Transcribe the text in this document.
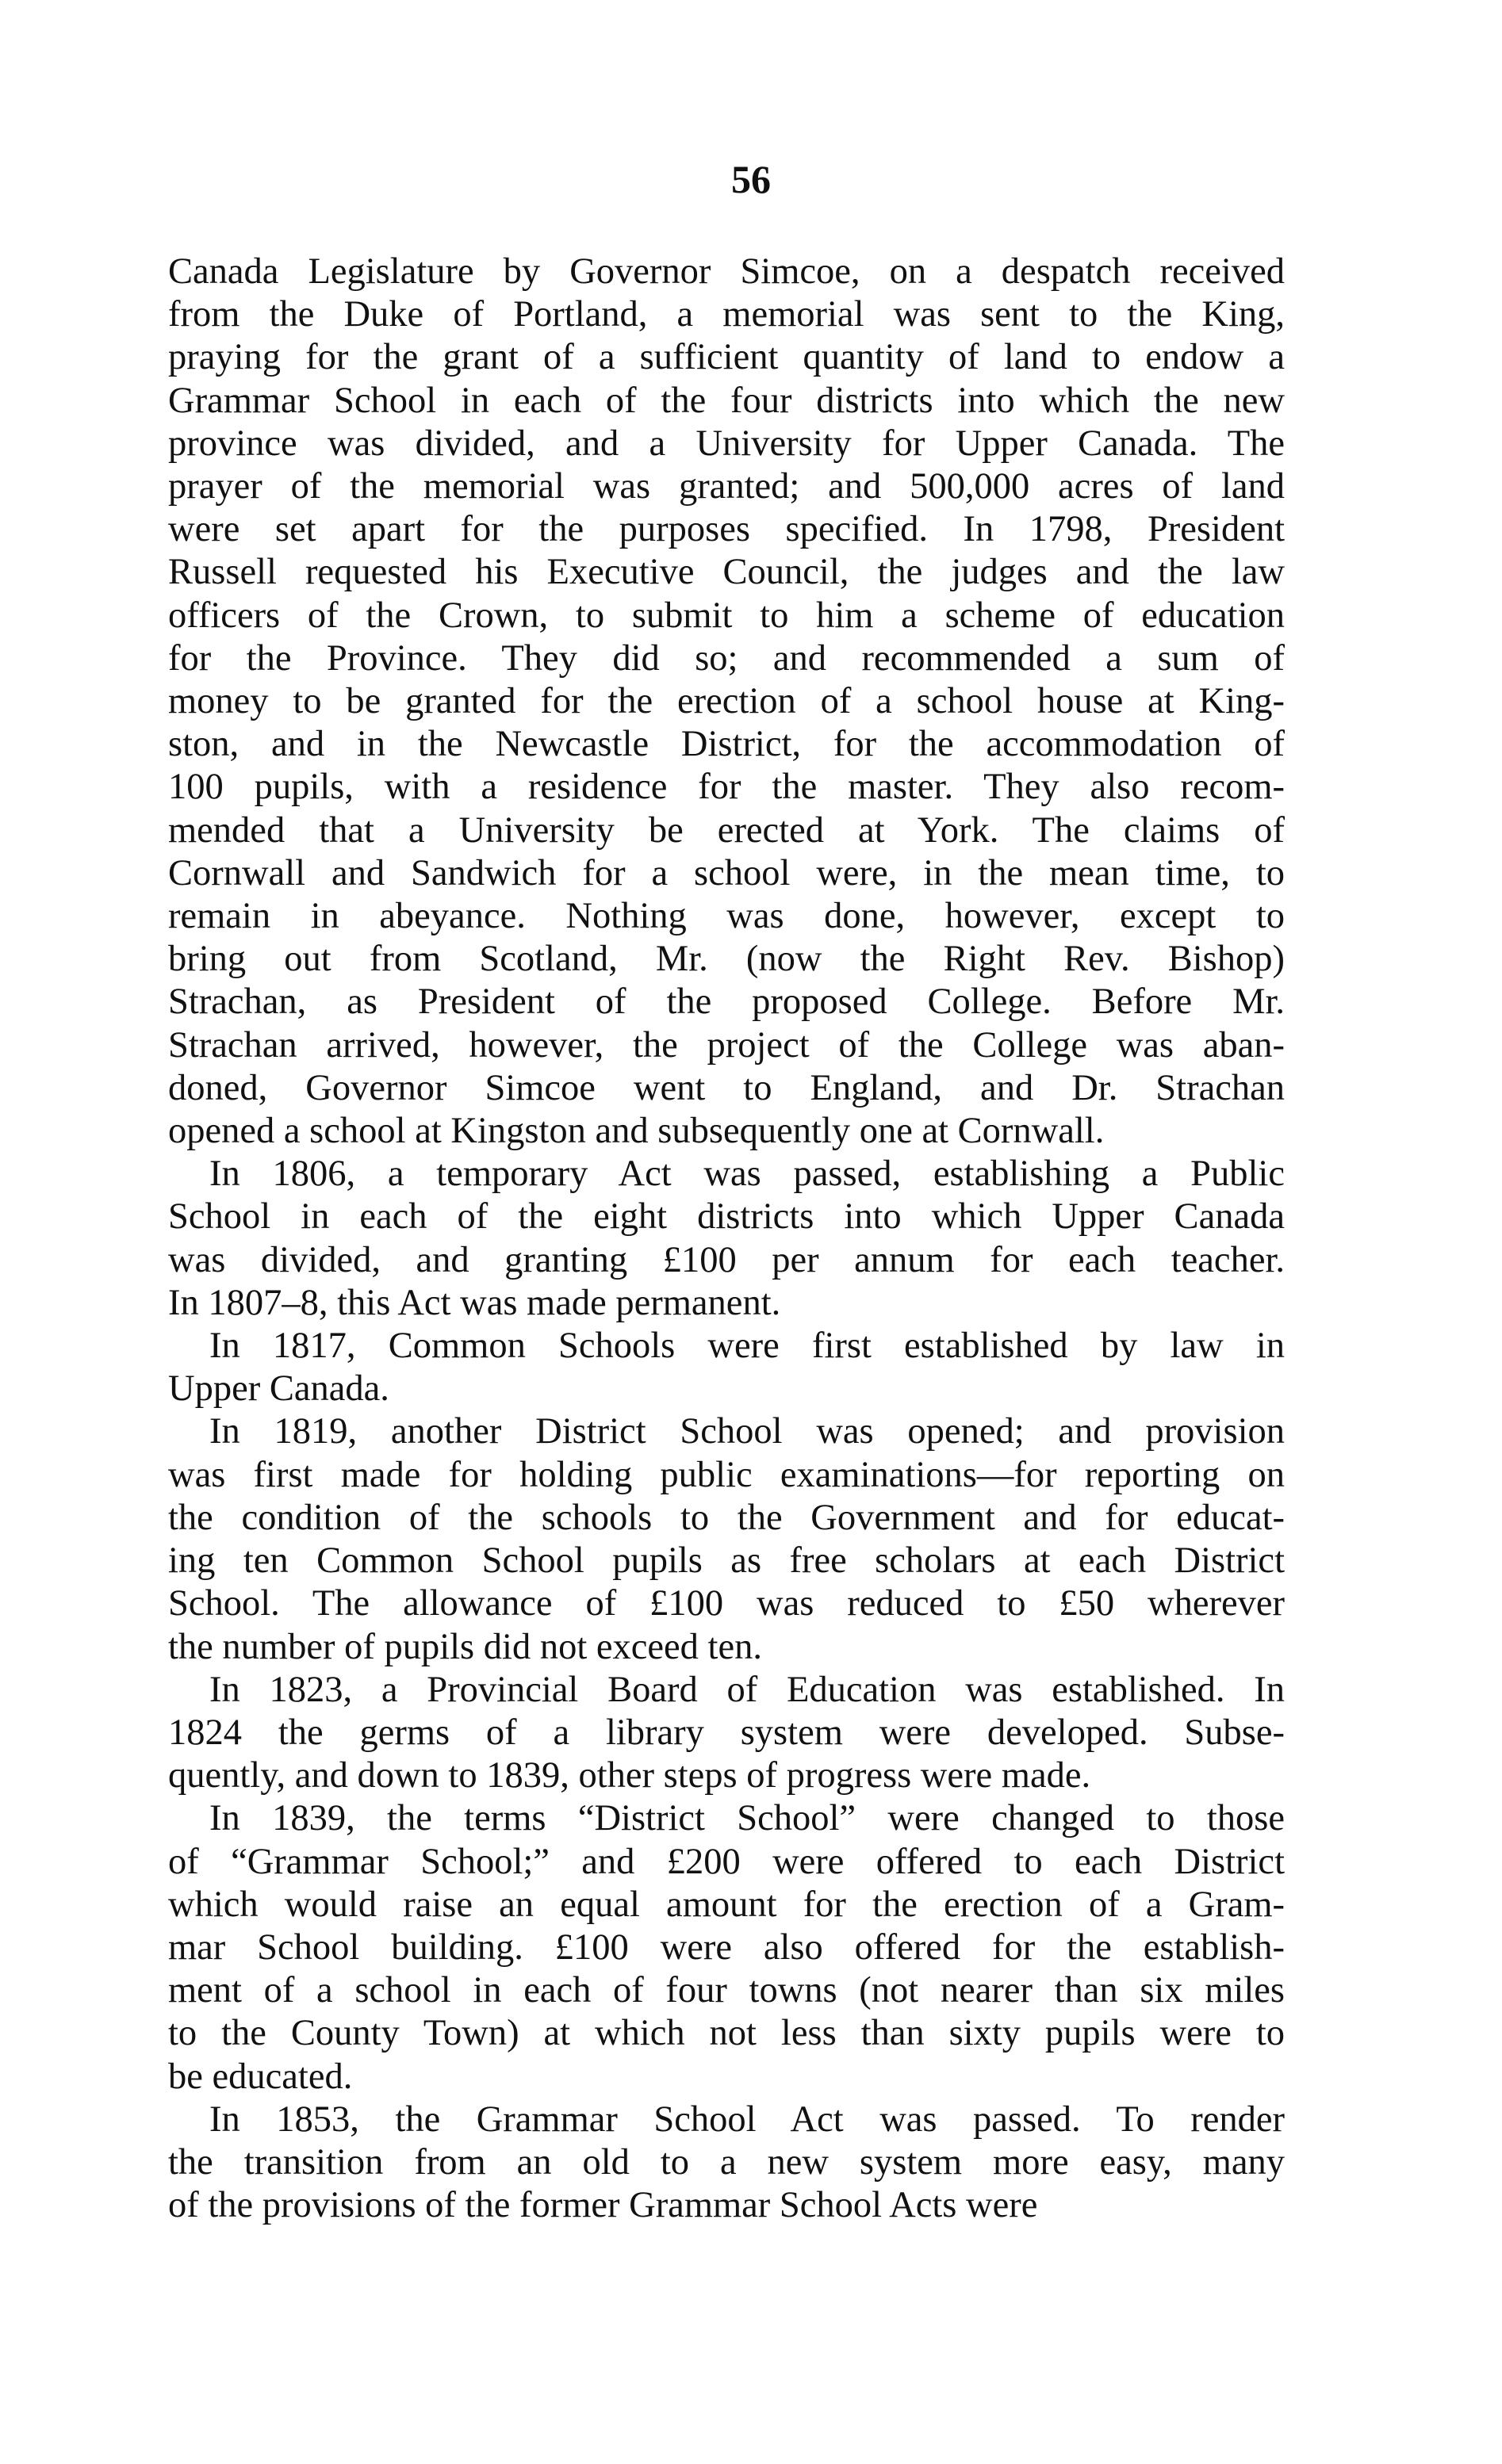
56
Canada Legislature by Governor Simcoe, on a despatch received
from the Duke of Portland, a memorial was sent to the King,
praying for the grant of a sufficient quantity of land to endow a
Grammar School in each of the four districts into which the new
province was divided, and a University for Upper Canada. The
prayer of the memorial was granted; and 500,000 acres of land
were set apart for the purposes specified. In 1798, President
Russell requested his Executive Council, the judges and the law
officers of the Crown, to submit to him a scheme of education
for the Province. They did so; and recommended a sum of
money to be granted for the erection of a school house at King-
ston, and in the Newcastle District, for the accommodation of
100 pupils, with a residence for the master. They also recom-
mended that a University be erected at York. The claims of
Cornwall and Sandwich for a school were, in the mean time, to
remain in abeyance. Nothing was done, however, except to
bring out from Scotland, Mr. (now the Right Rev. Bishop)
Strachan, as President of the proposed College. Before Mr.
Strachan arrived, however, the project of the College was aban-
doned, Governor Simcoe went to England, and Dr. Strachan
opened a school at Kingston and subsequently one at Cornwall.
In 1806, a temporary Act was passed, establishing a Public
School in each of the eight districts into which Upper Canada
was divided, and granting £100 per annum for each teacher.
In 1807–8, this Act was made permanent.
In 1817, Common Schools were first established by law in
Upper Canada.
In 1819, another District School was opened; and provision
was first made for holding public examinations—for reporting on
the condition of the schools to the Government and for educat-
ing ten Common School pupils as free scholars at each District
School. The allowance of £100 was reduced to £50 wherever
the number of pupils did not exceed ten.
In 1823, a Provincial Board of Education was established. In
1824 the germs of a library system were developed. Subse-
quently, and down to 1839, other steps of progress were made.
In 1839, the terms “District School” were changed to those
of “Grammar School;” and £200 were offered to each District
which would raise an equal amount for the erection of a Gram-
mar School building. £100 were also offered for the establish-
ment of a school in each of four towns (not nearer than six miles
to the County Town) at which not less than sixty pupils were to
be educated.
In 1853, the Grammar School Act was passed. To render
the transition from an old to a new system more easy, many
of the provisions of the former Grammar School Acts were
